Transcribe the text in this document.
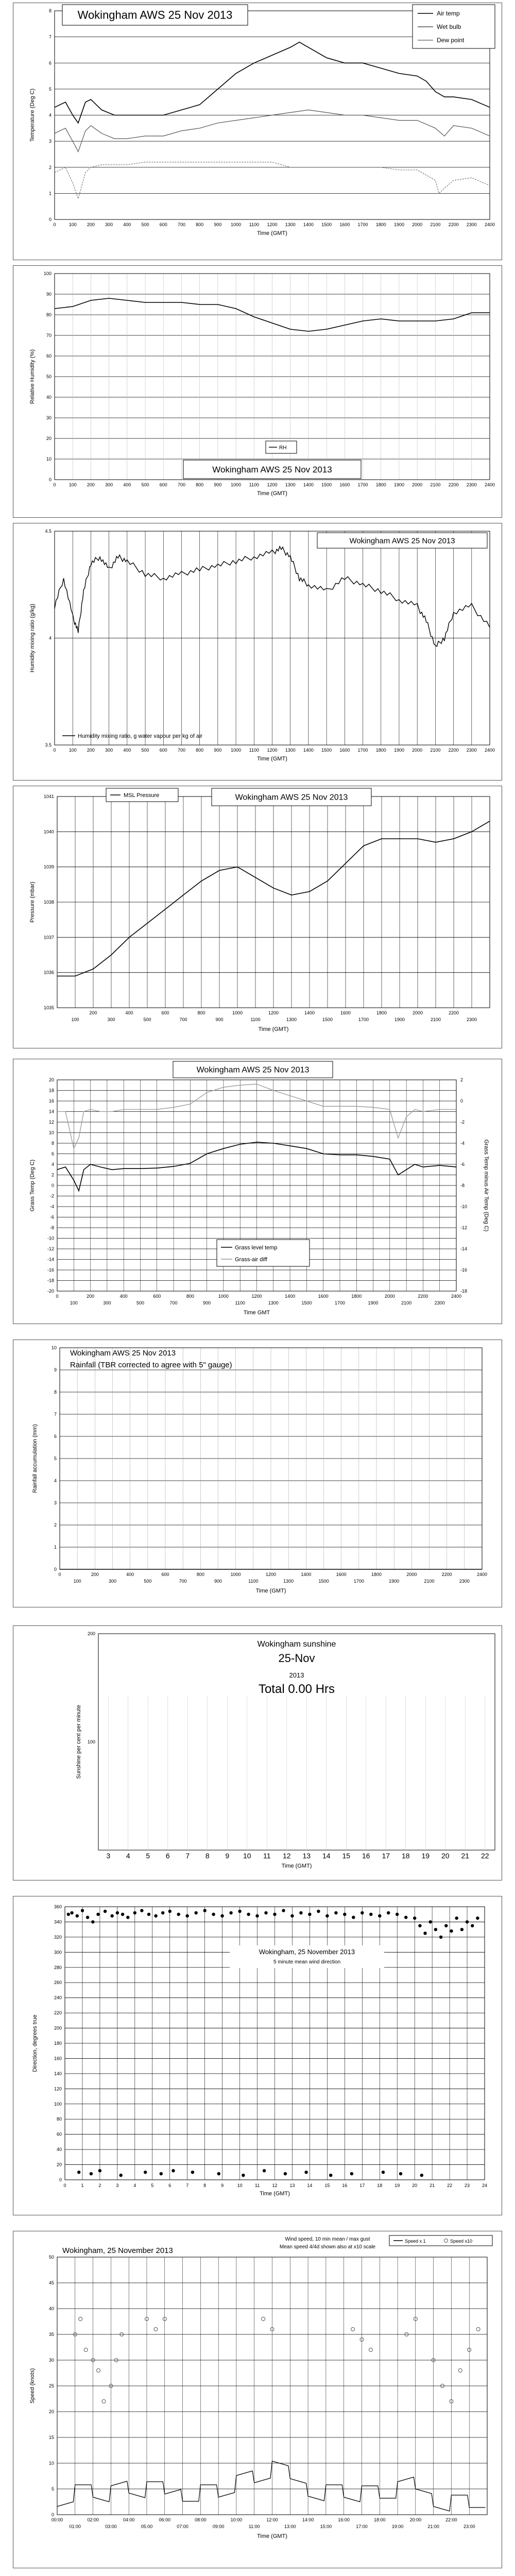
0
1
2
3
4
5
6
7
8
0	100 200 300 400 500 600 700 800 900 1000 1100 1200 1300 1400 1500 1600 1700 1800 1900 2000 2100 2200 2300 2400
Wokingham AWS 25 Nov 2013	Air temp
Wet bulb
Dew point
Temperature (Deg C)
Time (GMT)
0
10
20
30
40
50
60
70
80
90
100
0	100 200 300 400 500 600 700 800 900 1000 1100 1200 1300 1400 1500 1600 1700 1800 1900 2000 2100 2200 2300 2400
RH
Wokingham AWS 25 Nov 2013
Relative Humidity (%)
Time (GMT)
3.5
4
4.5
0	100 200 300 400 500 600 700 800 900 1000 1100 1200 1300 1400 1500 1600 1700 1800 1900 2000 2100 2200 2300 2400
Wokingham AWS 25 Nov 2013
Humidity mixing ratio, g water vapour per kg of air
Humidity mixing ratio (g/kg)
Time (GMT)
1035
1036
1037
1038
1039
1040
1041
100
200
300
400
500
600
700
800
900
1000
1100
1200
1300
1400
1500
1600
1700
1800
1900
2000
2100
2200
2300
MSL Pressure	Wokingham AWS 25 Nov 2013
Pressure (mbar)
Time (GMT)
-20
-18
-16
-14
-12
-10
-8
-6
-4
-2
0
2
4
6
8
10
12
14
16
18
20
-18
-16
-14
-12
-10
-8
-6
-4
-2
0
2
0
100
200
300
400
500
600
700
800
900
1000
1100
1200
1300
1400
1500
1600
1700
1800
1900
2000
2100
2200
2300
2400
Wokingham AWS 25 Nov 2013
Grass level temp
Grass-air diff
Grass Temp (Deg C)	Grass Temp minus Air Temp (Deg C)
Time GMT
0
1
2
3
4
5
6
7
8
9
10
0
100
200
300
400
500
600
700
800
900
1000
1100
1200
1300
1400
1500
1600
1700
1800
1900
2000
2100
2200
2300
2400
Wokingham AWS 25 Nov 2013
Rainfall (TBR corrected to agree with 5" gauge)
Rainfall accumulation (mm)
Time (GMT)
3 4 5 6 7 8 9 10 11 12 13 14 15 16 17 18 19 20 21 22
100
200
Wokingham sunshine
25-Nov
2013
Total 0.00 Hrs
Sunshine per cent per minute
Time (GMT)
0
20
40
60
80
100
120
140
160
180
200
220
240
260
280
300
320
340
360
0	1	2	3	4	5	6	7	8	9	10	11	12	13	14	15	16	17	18	19	20	21	22	23	24
Wokingham, 25 November 2013
5 minute mean wind direction
Direction, degrees true
Time (GMT)
0
5
10
15
20
25
30
35
40
45
50
00:00	02:00	04:00	06:00	08:00	10:00	12:00	14:00	16:00	18:00	20:00	22:00
01:00	03:00	05:00	07:00	09:00	11:00	13:00	15:00	17:00	19:00	21:00	23:00
Wokingham, 25 November 2013
Wind speed, 10 min mean / max gust
Mean speed 4/4d shown also at x10 scale
Speed x 1	Speed x10
Speed (knots)
Time (GMT)
